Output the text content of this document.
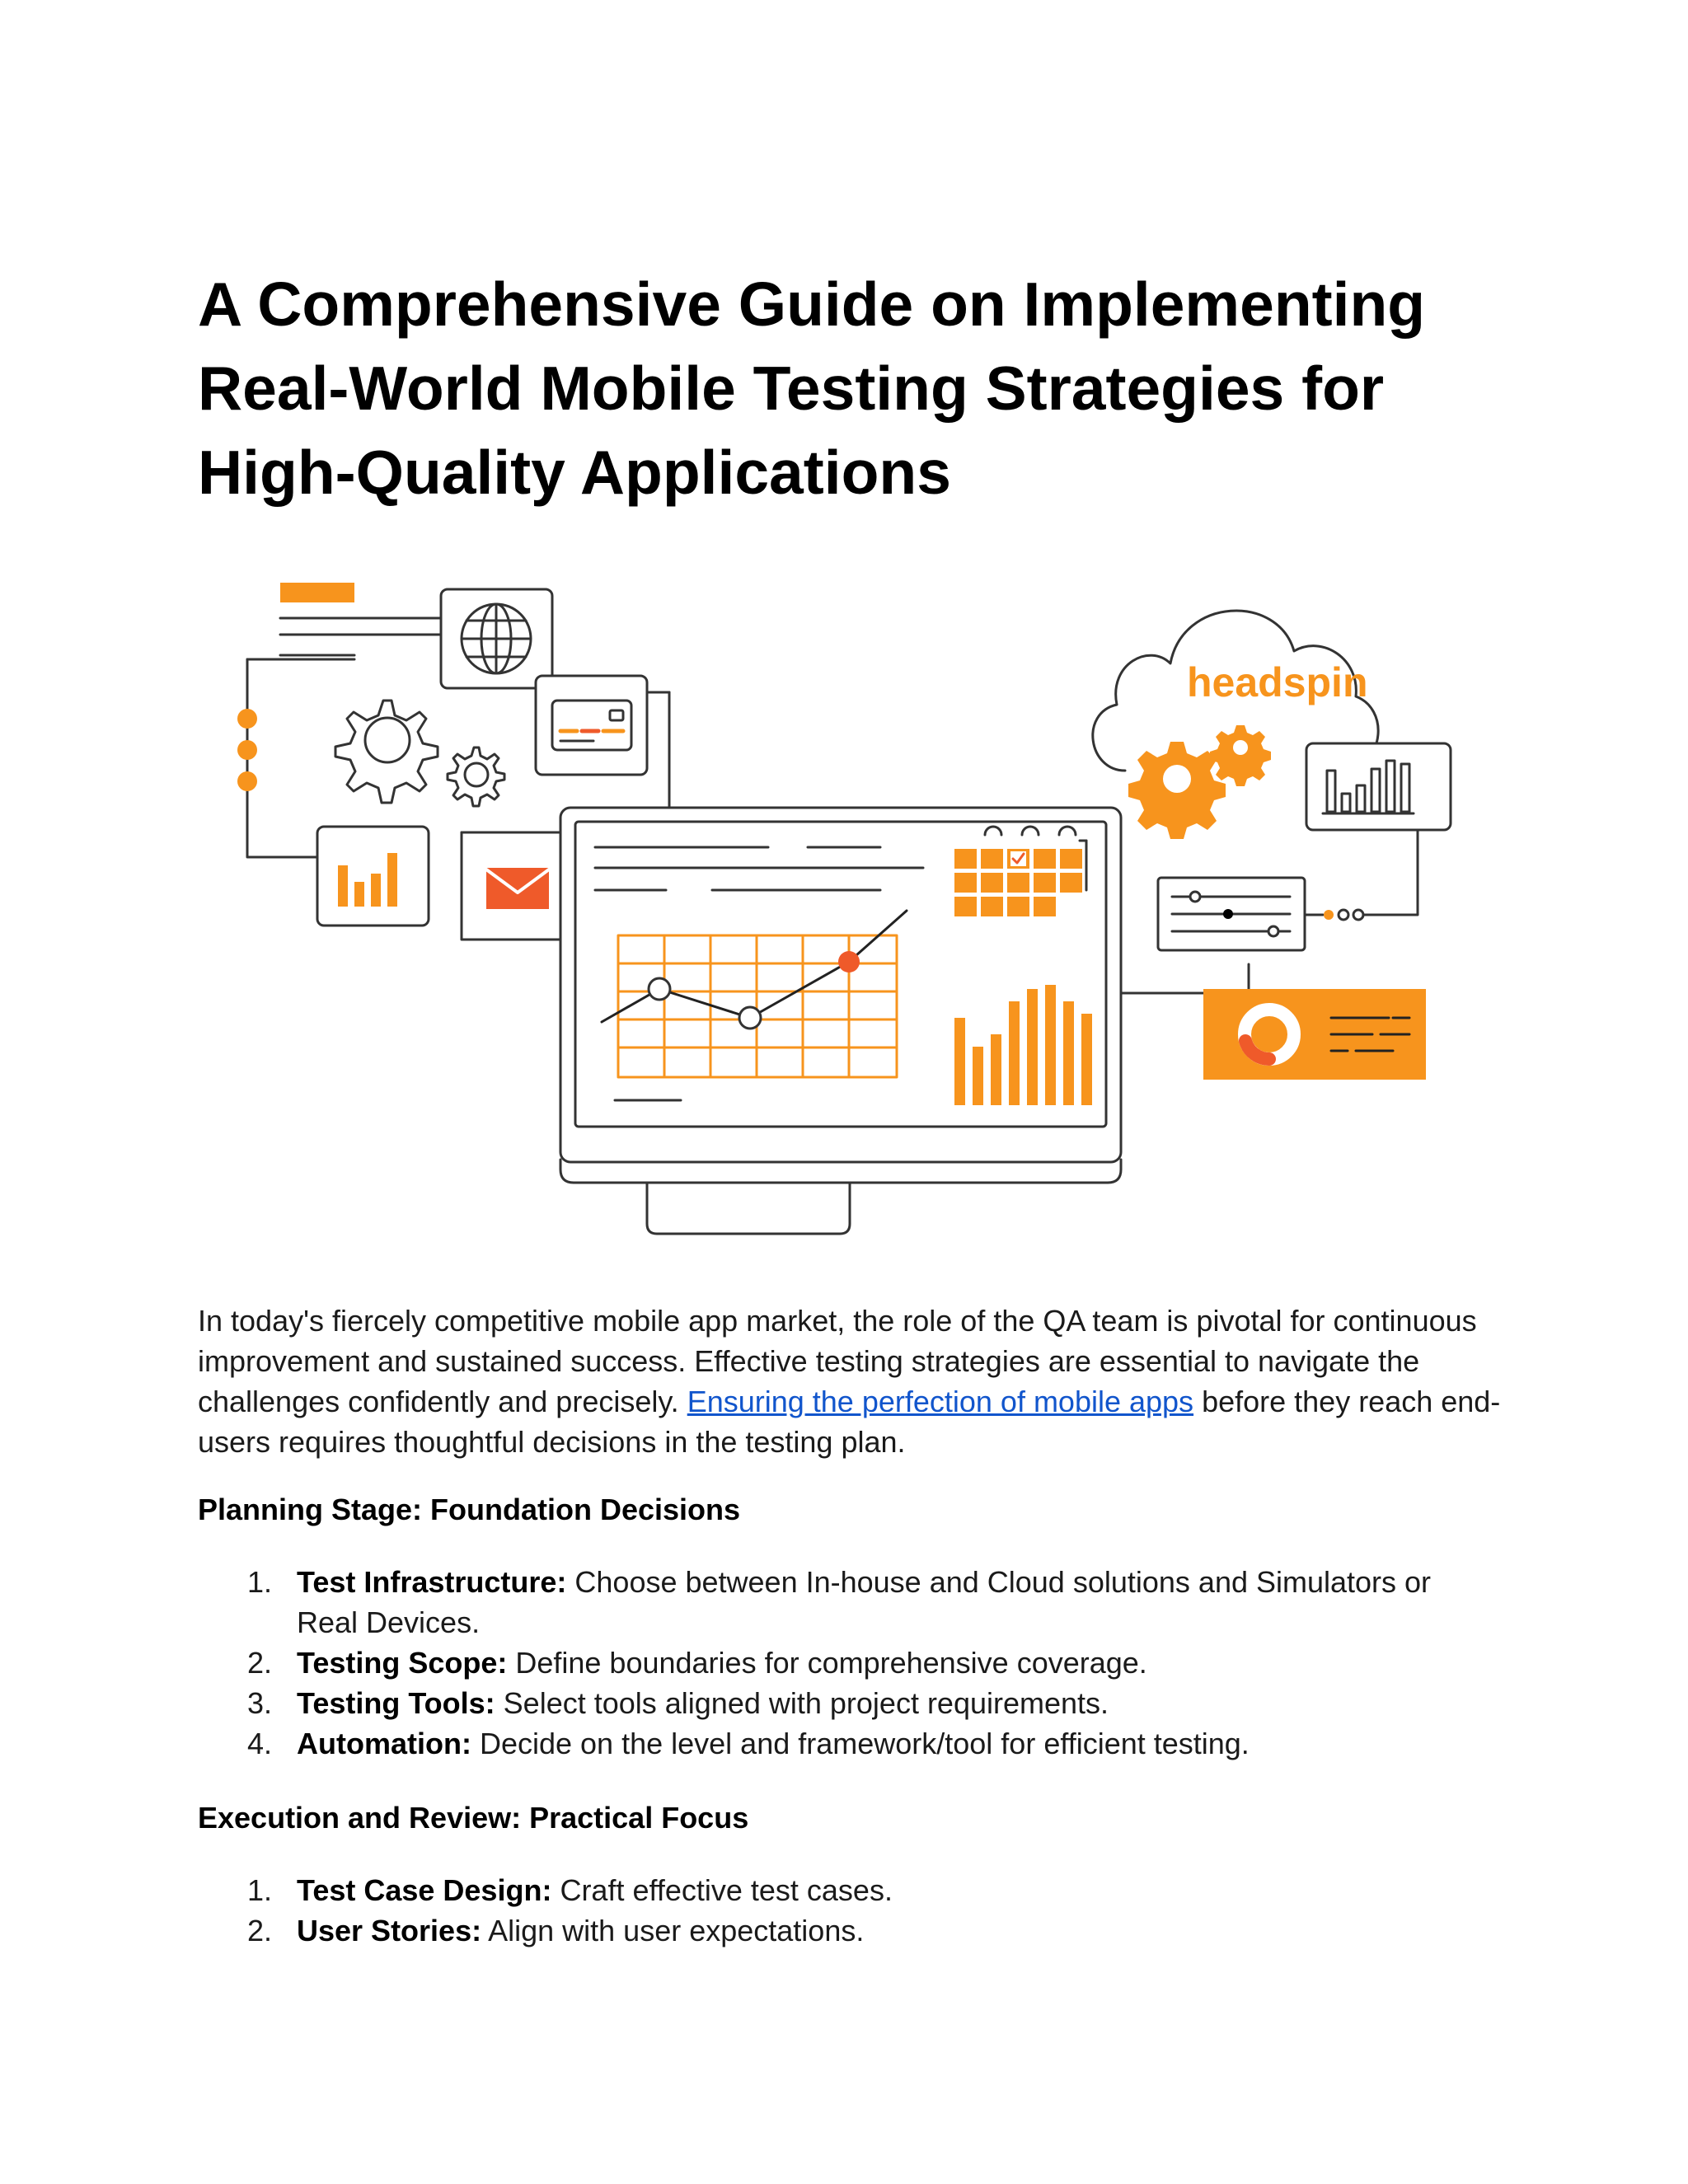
A Comprehensive Guide on Implementing Real-World Mobile Testing Strategies for High-Quality Applications
headspin

In today's fiercely competitive mobile app market, the role of the QA team is pivotal for continuous improvement and sustained success. Effective testing strategies are essential to navigate the challenges confidently and precisely. Ensuring the perfection of mobile apps before they reach end-users requires thoughtful decisions in the testing plan.

Planning Stage: Foundation Decisions
1. Test Infrastructure: Choose between In-house and Cloud solutions and Simulators or Real Devices.
2. Testing Scope: Define boundaries for comprehensive coverage.
3. Testing Tools: Select tools aligned with project requirements.
4. Automation: Decide on the level and framework/tool for efficient testing.
Execution and Review: Practical Focus
1. Test Case Design: Craft effective test cases.
2. User Stories: Align with user expectations.
